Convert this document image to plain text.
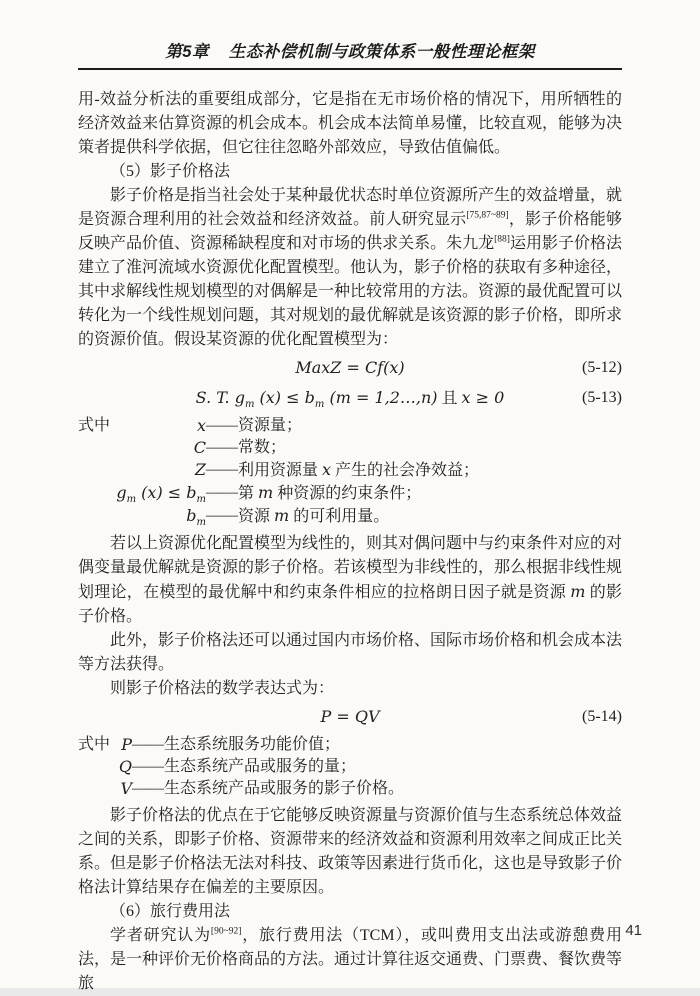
第5章 生态补偿机制与政策体系一般性理论框架

用-效益分析法的重要组成部分，它是指在无市场价格的情况下，用所牺牲的经济效益来估算资源的机会成本。机会成本法简单易懂，比较直观，能够为决策者提供科学依据，但它往往忽略外部效应，导致估值偏低。

（5）影子价格法

影子价格是指当社会处于某种最优状态时单位资源所产生的效益增量，就是资源合理利用的社会效益和经济效益。前人研究显示[75,87~89]，影子价格能够反映产品价值、资源稀缺程度和对市场的供求关系。朱九龙[88]运用影子价格法建立了淮河流域水资源优化配置模型。他认为，影子价格的获取有多种途径，其中求解线性规划模型的对偶解是一种比较常用的方法。资源的最优配置可以转化为一个线性规划问题，其对规划的最优解就是该资源的影子价格，即所求的资源价值。假设某资源的优化配置模型为：

MaxZ = Cf(x)	(5-12)
S. T. $g_m$ $(x) \le b_m$ (m = 1,2…,n) 且 x ≥ 0	(5-13)
式中	x —— 资源量；
C —— 常数；
Z —— 利用资源量 x 产生的社会净效益；
$g_m$ $(x) \le b_m$ —— 第 m 种资源的约束条件；
$b_m$ —— 资源 m 的可利用量。

若以上资源优化配置模型为线性的，则其对偶问题中与约束条件对应的对偶变量最优解就是资源的影子价格。若该模型为非线性的，那么根据非线性规划理论，在模型的最优解中和约束条件相应的拉格朗日因子就是资源 m 的影子价格。

此外，影子价格法还可以通过国内市场价格、国际市场价格和机会成本法等方法获得。

则影子价格法的数学表达式为：

P = QV	(5-14)
式中 P —— 生态系统服务功能价值；
Q —— 生态系统产品或服务的量；
V —— 生态系统产品或服务的影子价格。

影子价格法的优点在于它能够反映资源量与资源价值与生态系统总体效益之间的关系，即影子价格、资源带来的经济效益和资源利用效率之间成正比关系。但是影子价格法无法对科技、政策等因素进行货币化，这也是导致影子价格法计算结果存在偏差的主要原因。

（6）旅行费用法

学者研究认为[90~92]，旅行费用法（TCM），或叫费用支出法或游憩费用法，是一种评价无价格商品的方法。通过计算往返交通费、门票费、餐饮费等旅

41
